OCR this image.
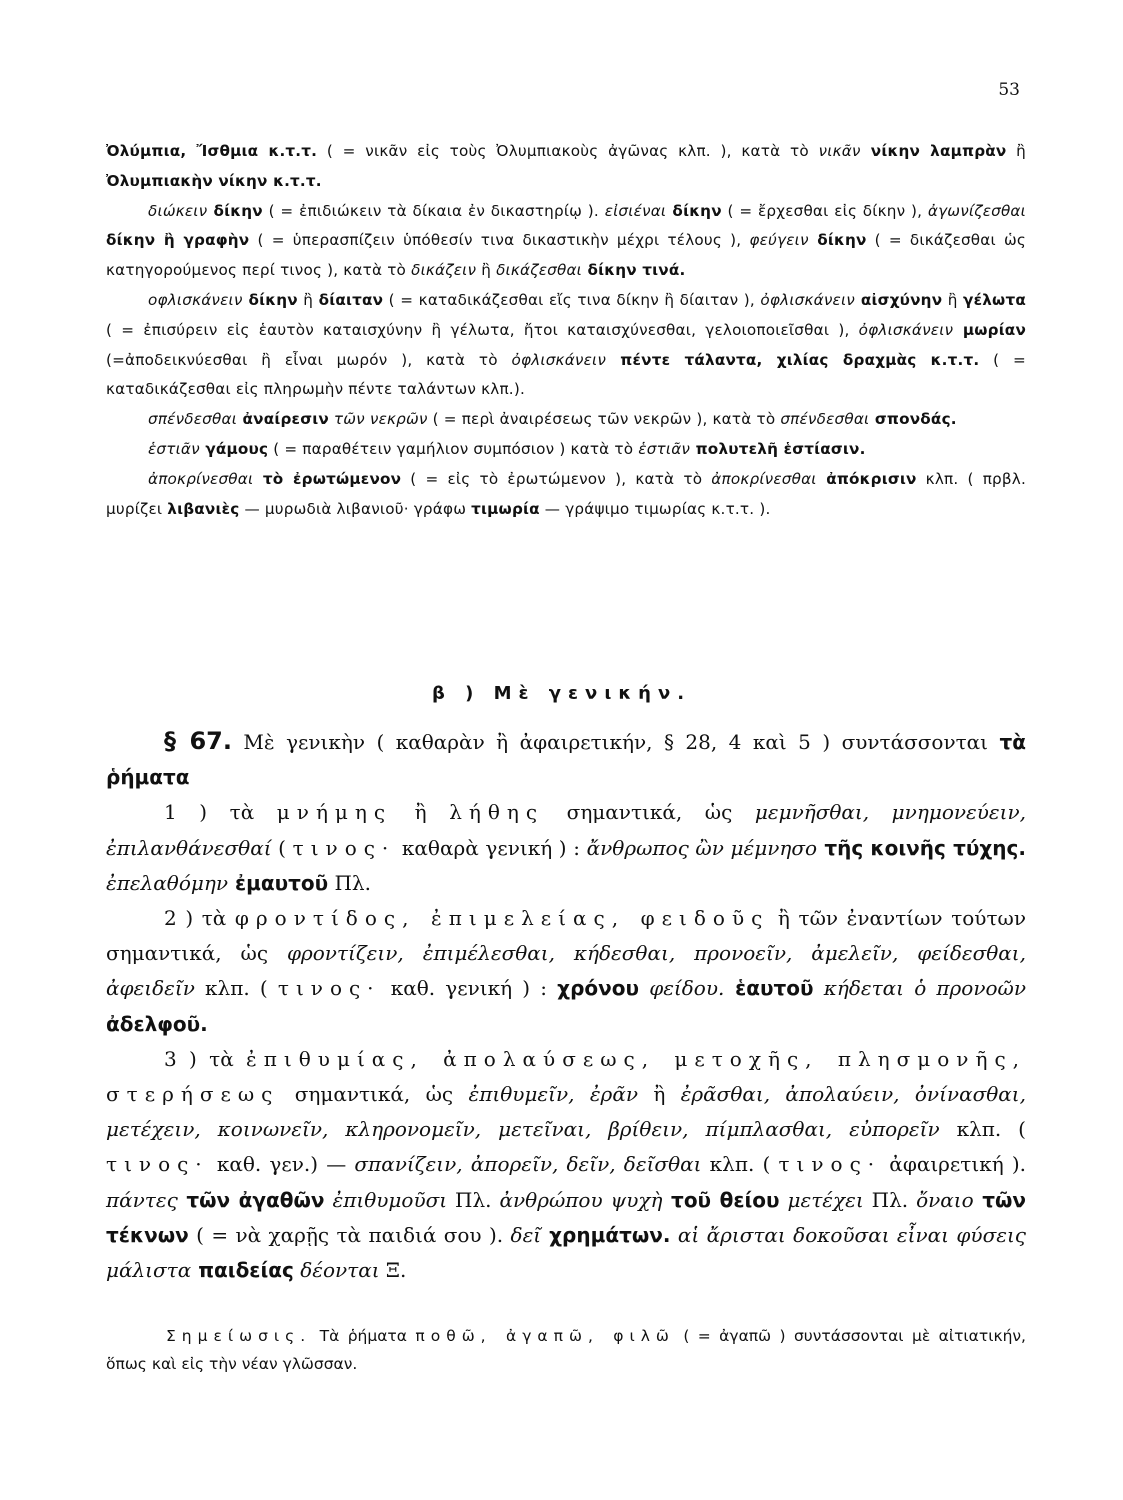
53

Ὀλύμπια, Ἴσθμια κ.τ.τ. ( = νικᾶν εἰς τοὺς Ὀλυμπιακοὺς ἀγῶνας κλπ. ), κατὰ τὸ νικᾶν νίκην λαμπρὰν ἢ Ὀλυμπιακὴν νίκην κ.τ.τ.

διώκειν δίκην ( = ἐπιδιώκειν τὰ δίκαια ἐν δικαστηρίῳ ). εἰσιέναι δίκην ( = ἔρχεσθαι εἰς δίκην ), ἀγωνίζεσθαι δίκην ἢ γραφὴν ( = ὑπερασπίζειν ὑπόθεσίν τινα δικαστικὴν μέχρι τέλους ), φεύγειν δίκην ( = δικάζεσθαι ὡς κατηγορούμενος περί τινος ), κατὰ τὸ δικάζειν ἢ δικάζεσθαι δίκην τινά.

οφλισκάνειν δίκην ἢ δίαιταν ( = καταδικάζεσθαι εἴς τινα δίκην ἢ δίαιταν ), ὀφλισκάνειν αἰσχύνην ἢ γέλωτα ( = ἐπισύρειν εἰς ἑαυτὸν καταισχύνην ἢ γέλωτα, ἤτοι καταισχύνεσθαι, γελοιοποιεῖσθαι ), ὀφλισκάνειν μωρίαν (=ἀποδεικνύεσθαι ἢ εἶναι μωρόν ), κατὰ τὸ ὀφλισκάνειν πέντε τάλαντα, χιλίας δραχμὰς κ.τ.τ. ( = καταδικάζεσθαι εἰς πληρωμὴν πέντε ταλάντων κλπ.).

σπένδεσθαι ἀναίρεσιν τῶν νεκρῶν ( = περὶ ἀναιρέσεως τῶν νεκρῶν ), κατὰ τὸ σπένδεσθαι σπονδάς.

ἑστιᾶν γάμους ( = παραθέτειν γαμήλιον συμπόσιον ) κατὰ τὸ ἑστιᾶν πολυτελῆ ἑστίασιν.

ἀποκρίνεσθαι τὸ ἐρωτώμενον ( = εἰς τὸ ἐρωτώμενον ), κατὰ τὸ ἀποκρίνεσθαι ἀπόκρισιν κλπ. ( πρβλ. μυρίζει λιβανιὲς — μυρωδιὰ λιβανιοῦ· γράφω τιμωρία — γράψιμο τιμωρίας κ.τ.τ. ).

β ) Μὲ γενικήν.

§ 67. Μὲ γενικὴν ( καθαρὰν ἢ ἀφαιρετικήν, § 28, 4 καὶ 5 ) συντάσσονται τὰ ῥήματα

1 ) τὰ μνήμης ἢ λήθης σημαντικά, ὡς μεμνῆσθαι, μνημονεύειν, ἐπιλανθάνεσθαί ( τινος· καθαρὰ γενική ) : ἄνθρωπος ὢν μέμνησο τῆς κοινῆς τύχης. ἐπελαθόμην ἐμαυτοῦ Πλ.

2 ) τὰ φροντίδος, ἐπιμελείας, φειδοῦς ἢ τῶν ἐναντίων τούτων σημαντικά, ὡς φροντίζειν, ἐπιμέλεσθαι, κήδεσθαι, προνοεῖν, ἀμελεῖν, φείδεσθαι, ἀφειδεῖν κλπ. ( τινος· καθ. γενική ) : χρόνου φείδου. ἑαυτοῦ κήδεται ὁ προνοῶν ἀδελφοῦ.

3 ) τὰ ἐπιθυμίας, ἀπολαύσεως, μετοχῆς, πλησμονῆς, στερήσεως σημαντικά, ὡς ἐπιθυμεῖν, ἐρᾶν ἢ ἐρᾶσθαι, ἀπολαύειν, ὀνίνασθαι, μετέχειν, κοινωνεῖν, κληρονομεῖν, μετεῖναι, βρίθειν, πίμπλασθαι, εὐπορεῖν κλπ. ( τινος· καθ. γεν.) — σπανίζειν, ἀπορεῖν, δεῖν, δεῖσθαι κλπ. ( τινος· ἀφαιρετική ). πάντες τῶν ἀγαθῶν ἐπιθυμοῦσι Πλ. ἀνθρώπου ψυχὴ τοῦ θείου μετέχει Πλ. ὄναιο τῶν τέκνων ( = νὰ χαρῇς τὰ παιδιά σου ). δεῖ χρημάτων. αἱ ἄρισται δοκοῦσαι εἶναι φύσεις μάλιστα παιδείας δέονται Ξ.

Σημείωσις. Τὰ ῥήματα ποθῶ, ἀγαπῶ, φιλῶ ( = ἀγαπῶ ) συντάσσονται μὲ αἰτιατικήν, ὅπως καὶ εἰς τὴν νέαν γλῶσσαν.
